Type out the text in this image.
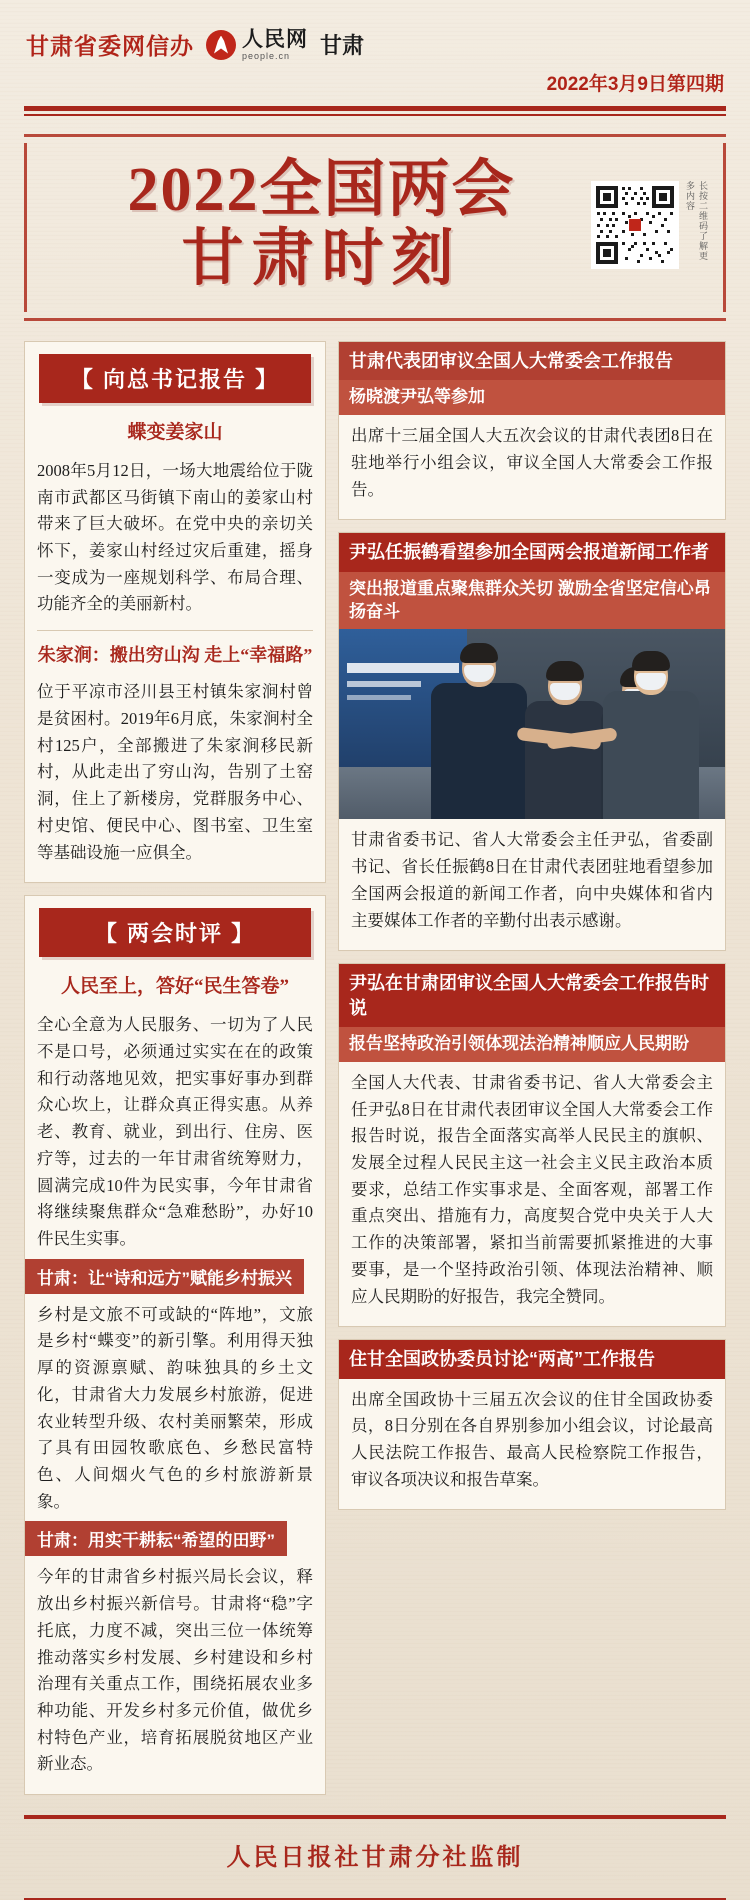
甘肃省委网信办 人民网
people.cn	甘肃
2022年3月9日第四期
2022全国两会
甘肃时刻	长按二维码了解更多内容
【 向总书记报告 】
蝶变姜家山

2008年5月12日，一场大地震给位于陇南市武都区马街镇下南山的姜家山村带来了巨大破坏。在党中央的亲切关怀下，姜家山村经过灾后重建，摇身一变成为一座规划科学、布局合理、功能齐全的美丽新村。

朱家涧：搬出穷山沟 走上“幸福路”

位于平凉市泾川县王村镇朱家涧村曾是贫困村。2019年6月底，朱家涧村全村125户，全部搬进了朱家涧移民新村，从此走出了穷山沟，告别了土窑洞，住上了新楼房，党群服务中心、村史馆、便民中心、图书室、卫生室等基础设施一应俱全。

【 两会时评 】
人民至上，答好“民生答卷”

全心全意为人民服务、一切为了人民不是口号，必须通过实实在在的政策和行动落地见效，把实事好事办到群众心坎上，让群众真正得实惠。从养老、教育、就业，到出行、住房、医疗等，过去的一年甘肃省统筹财力，圆满完成10件为民实事，今年甘肃省将继续聚焦群众“急难愁盼”，办好10件民生实事。

甘肃：让“诗和远方”赋能乡村振兴

乡村是文旅不可或缺的“阵地”，文旅是乡村“蝶变”的新引擎。利用得天独厚的资源禀赋、韵味独具的乡土文化，甘肃省大力发展乡村旅游，促进农业转型升级、农村美丽繁荣，形成了具有田园牧歌底色、乡愁民富特色、人间烟火气色的乡村旅游新景象。

甘肃：用实干耕耘“希望的田野”

今年的甘肃省乡村振兴局长会议，释放出乡村振兴新信号。甘肃将“稳”字托底，力度不减，突出三位一体统筹推动落实乡村发展、乡村建设和乡村治理有关重点工作，围绕拓展农业多种功能、开发乡村多元价值，做优乡村特色产业，培育拓展脱贫地区产业新业态。

甘肃代表团审议全国人大常委会工作报告
杨晓渡尹弘等参加

出席十三届全国人大五次会议的甘肃代表团8日在驻地举行小组会议，审议全国人大常委会工作报告。

尹弘任振鹤看望参加全国两会报道新闻工作者
突出报道重点聚焦群众关切 激励全省坚定信心昂扬奋斗

甘肃省委书记、省人大常委会主任尹弘，省委副书记、省长任振鹤8日在甘肃代表团驻地看望参加全国两会报道的新闻工作者，向中央媒体和省内主要媒体工作者的辛勤付出表示感谢。

尹弘在甘肃团审议全国人大常委会工作报告时说
报告坚持政治引领体现法治精神顺应人民期盼

全国人大代表、甘肃省委书记、省人大常委会主任尹弘8日在甘肃代表团审议全国人大常委会工作报告时说，报告全面落实高举人民民主的旗帜、发展全过程人民民主这一社会主义民主政治本质要求，总结工作实事求是、全面客观，部署工作重点突出、措施有力，高度契合党中央关于人大工作的决策部署，紧扣当前需要抓紧推进的大事要事，是一个坚持政治引领、体现法治精神、顺应人民期盼的好报告，我完全赞同。

住甘全国政协委员讨论“两高”工作报告

出席全国政协十三届五次会议的住甘全国政协委员，8日分别在各自界别参加小组会议，讨论最高人民法院工作报告、最高人民检察院工作报告，审议各项决议和报告草案。

人民日报社甘肃分社监制
